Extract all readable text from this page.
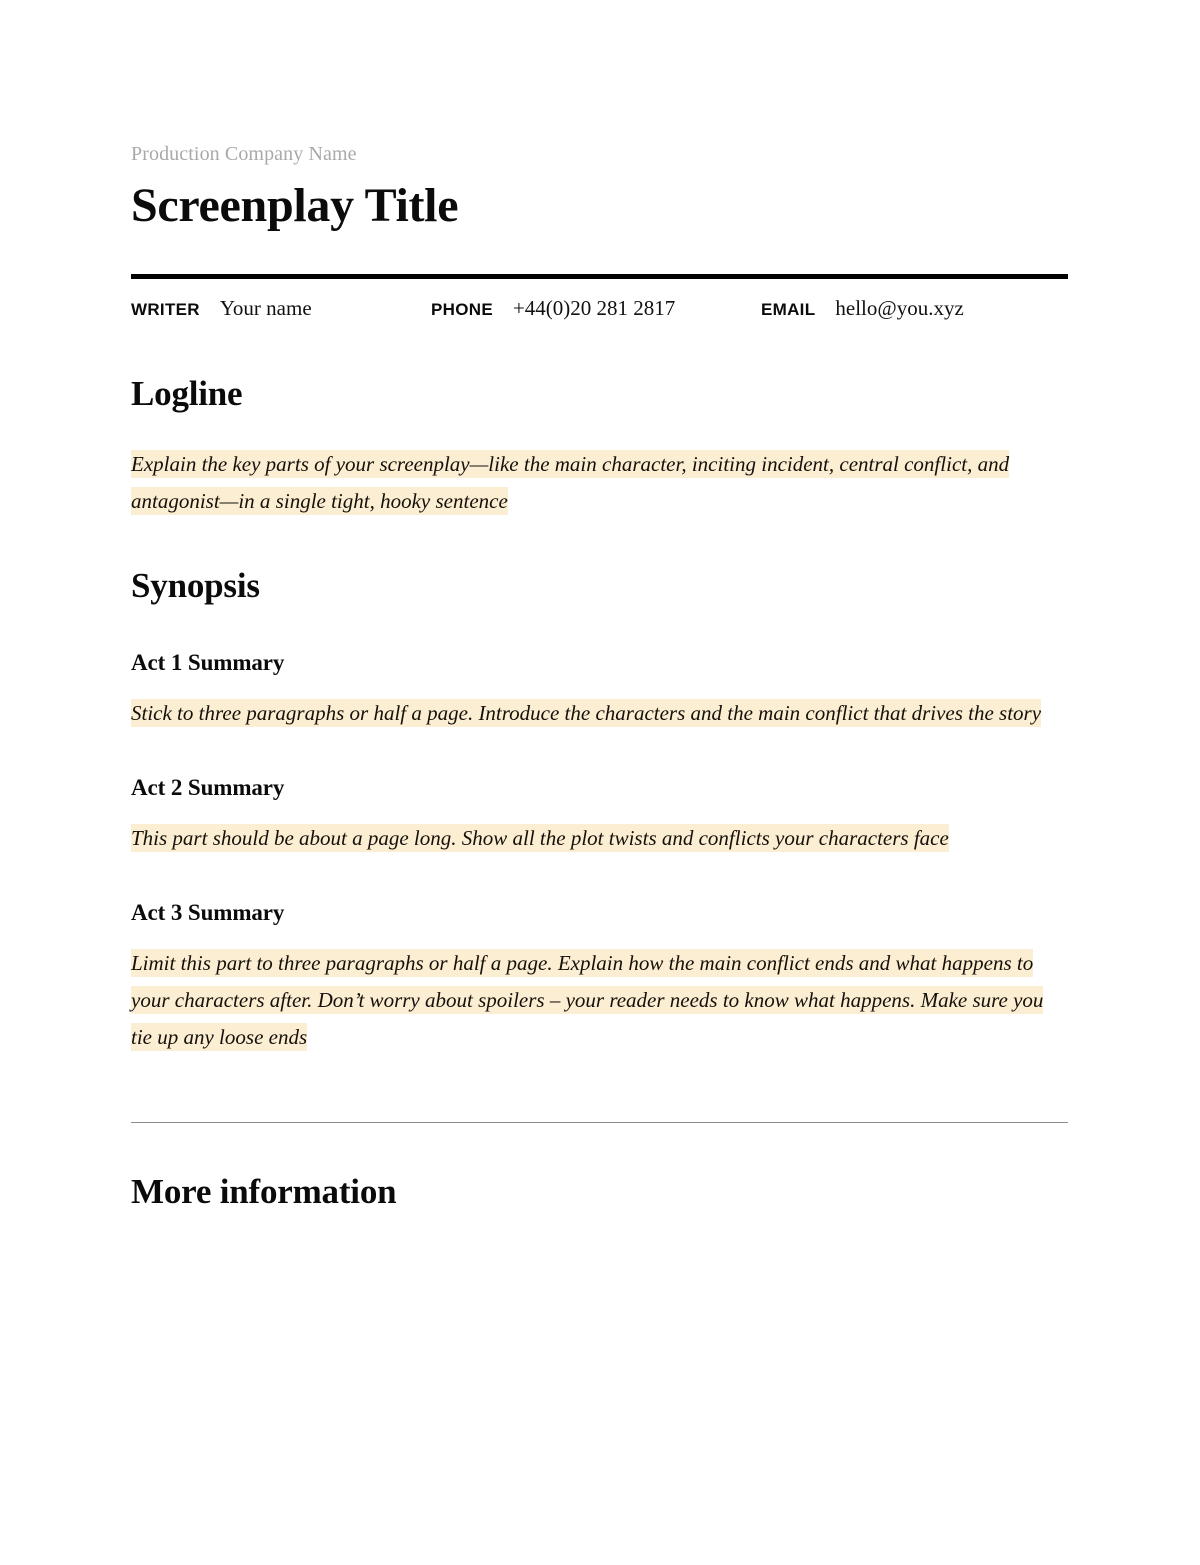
Production Company Name

Screenplay Title
WRITER Your name	PHONE +44(0)20 281 2817	EMAIL hello@you.xyz
Logline

Explain the key parts of your screenplay—like the main character, inciting incident, central conflict, and antagonist—in a single tight, hooky sentence

Synopsis
Act 1 Summary

Stick to three paragraphs or half a page. Introduce the characters and the main conflict that drives the story

Act 2 Summary

This part should be about a page long. Show all the plot twists and conflicts your characters face

Act 3 Summary

Limit this part to three paragraphs or half a page. Explain how the main conflict ends and what happens to your characters after. Don’t worry about spoilers – your reader needs to know what happens. Make sure you tie up any loose ends

More information
